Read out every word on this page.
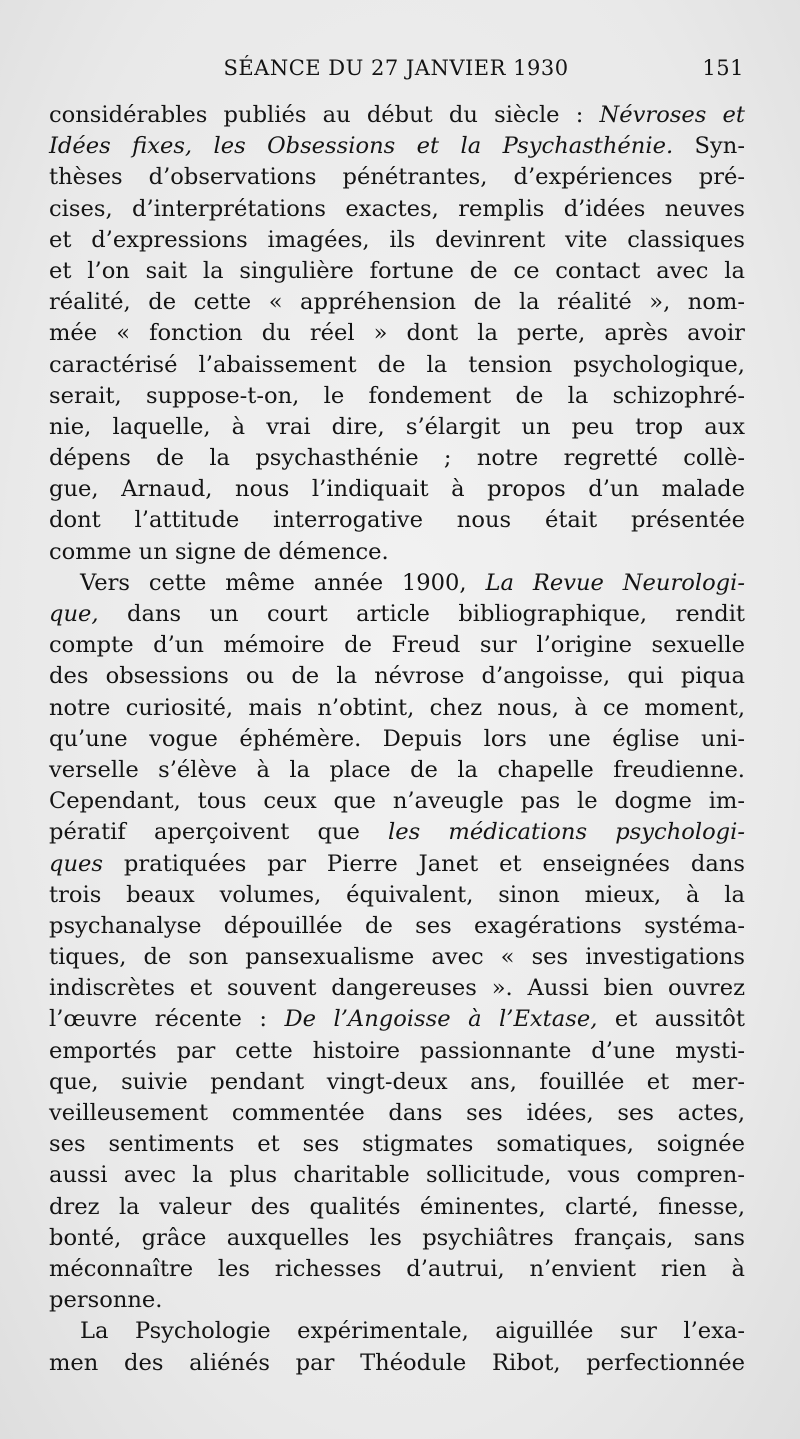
SÉANCE DU 27 JANVIER 1930	151
considérables publiés au début du siècle : Névroses et
Idées fixes, les Obsessions et la Psychasthénie. Syn-
thèses d’observations pénétrantes, d’expériences pré-
cises, d’interprétations exactes, remplis d’idées neuves
et d’expressions imagées, ils devinrent vite classiques
et l’on sait la singulière fortune de ce contact avec la
réalité, de cette « appréhension de la réalité », nom-
mée « fonction du réel » dont la perte, après avoir
caractérisé l’abaissement de la tension psychologique,
serait, suppose-t-on, le fondement de la schizophré-
nie, laquelle, à vrai dire, s’élargit un peu trop aux
dépens de la psychasthénie ; notre regretté collè-
gue, Arnaud, nous l’indiquait à propos d’un malade
dont l’attitude interrogative nous était présentée
comme un signe de démence.
Vers cette même année 1900, La Revue Neurologi-
que, dans un court article bibliographique, rendit
compte d’un mémoire de Freud sur l’origine sexuelle
des obsessions ou de la névrose d’angoisse, qui piqua
notre curiosité, mais n’obtint, chez nous, à ce moment,
qu’une vogue éphémère. Depuis lors une église uni-
verselle s’élève à la place de la chapelle freudienne.
Cependant, tous ceux que n’aveugle pas le dogme im-
pératif aperçoivent que les médications psychologi-
ques pratiquées par Pierre Janet et enseignées dans
trois beaux volumes, équivalent, sinon mieux, à la
psychanalyse dépouillée de ses exagérations systéma-
tiques, de son pansexualisme avec « ses investigations
indiscrètes et souvent dangereuses ». Aussi bien ouvrez
l’œuvre récente : De l’Angoisse à l’Extase, et aussitôt
emportés par cette histoire passionnante d’une mysti-
que, suivie pendant vingt-deux ans, fouillée et mer-
veilleusement commentée dans ses idées, ses actes,
ses sentiments et ses stigmates somatiques, soignée
aussi avec la plus charitable sollicitude, vous compren-
drez la valeur des qualités éminentes, clarté, finesse,
bonté, grâce auxquelles les psychiâtres français, sans
méconnaître les richesses d’autrui, n’envient rien à
personne.
La Psychologie expérimentale, aiguillée sur l’exa-
men des aliénés par Théodule Ribot, perfectionnée
